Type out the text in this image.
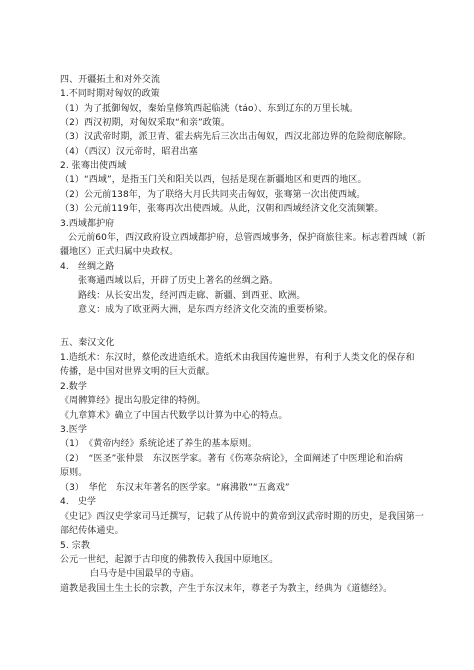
四、开疆拓土和对外交流
1.不同时期对匈奴的政策
（1）为了抵御匈奴，秦始皇修筑西起临洮（táo）、东到辽东的万里长城。
（2）西汉初期，对匈奴采取“和亲”政策。
（3）汉武帝时期，派卫青、霍去病先后三次出击匈奴，西汉北部边界的危险彻底解除。
（4）（西汉）汉元帝时，昭君出塞
2. 张骞出使西域
（1）“西域”，是指玉门关和阳关以西，包括是现在新疆地区和更西的地区。
（2）公元前138年，为了联络大月氏共同夹击匈奴，张骞第一次出使西域。
（3）公元前119年，张骞再次出使西域。从此，汉朝和西域经济文化交流频繁。
3.西域都护府
公元前60年，西汉政府设立西域都护府，总管西域事务，保护商旅往来。标志着西域（新
疆地区）正式归属中央政权。
4.　丝绸之路
张骞通西域以后，开辟了历史上著名的丝绸之路。
路线：从长安出发，经河西走廊、新疆、到西亚、欧洲。
意义：成为了欧亚两大洲，是东西方经济文化交流的重要桥梁。
五、秦汉文化
1.造纸术：东汉时，蔡伦改进造纸术。造纸术由我国传遍世界，有利于人类文化的保存和
传播，是中国对世界文明的巨大贡献。
2.数学
《周髀算经》提出勾股定律的特例。
《九章算术》确立了中国古代数学以计算为中心的特点。
3.医学
（1）　《黄帝内经》系统论述了养生的基本原则。
（2）　“医圣”张仲景　东汉医学家。著有《伤寒杂病论》，全面阐述了中医理论和治病
原则。
（3）　华佗　东汉末年著名的医学家。“麻沸散”“五禽戏”
4.　史学
《史记》西汉史学家司马迁撰写，记载了从传说中的黄帝到汉武帝时期的历史，是我国第一
部纪传体通史。
5. 宗教
公元一世纪，起源于古印度的佛教传入我国中原地区。
白马寺是中国最早的寺庙。
道教是我国土生土长的宗教，产生于东汉末年，尊老子为教主，经典为《道德经》。
